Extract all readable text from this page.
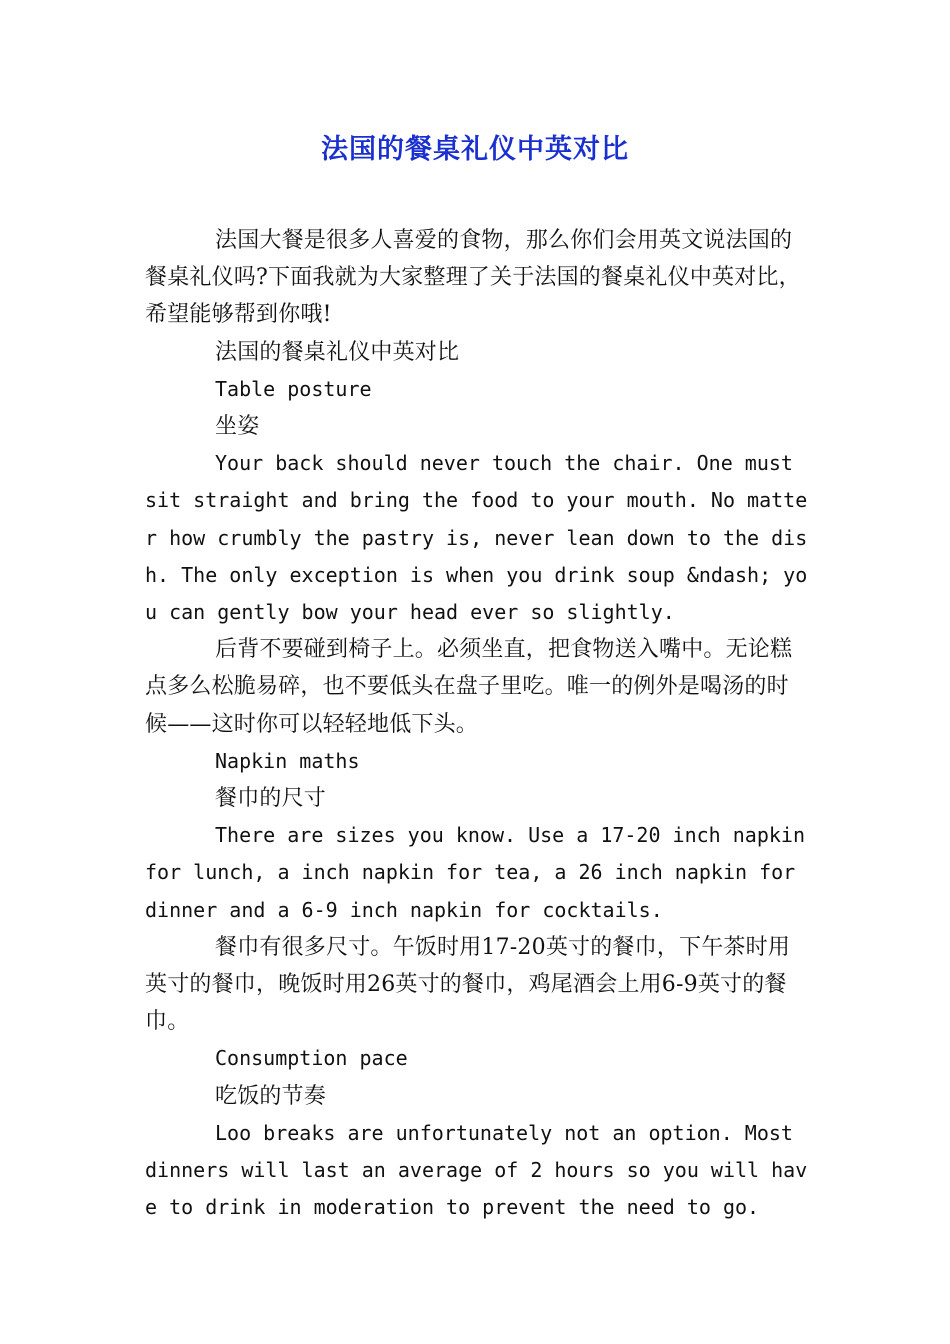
法国的餐桌礼仪中英对比

法国大餐是很多人喜爱的食物，那么你们会用英文说法国的餐桌礼仪吗?下面我就为大家整理了关于法国的餐桌礼仪中英对比，希望能够帮到你哦!

法国的餐桌礼仪中英对比

Table posture

坐姿

Your back should never touch the chair. One must sit straight and bring the food to your mouth. No matter how crumbly the pastry is, never lean down to the dish. The only exception is when you drink soup &ndash; you can gently bow your head ever so slightly.

后背不要碰到椅子上。必须坐直，把食物送入嘴中。无论糕点多么松脆易碎，也不要低头在盘子里吃。唯一的例外是喝汤的时候——这时你可以轻轻地低下头。

Napkin maths

餐巾的尺寸

There are sizes you know. Use a 17-20 inch napkin for lunch, a inch napkin for tea, a 26 inch napkin for dinner and a 6-9 inch napkin for cocktails.

餐巾有很多尺寸。午饭时用17-20英寸的餐巾，下午茶时用英寸的餐巾，晚饭时用26英寸的餐巾，鸡尾酒会上用6-9英寸的餐巾。

Consumption pace

吃饭的节奏

Loo breaks are unfortunately not an option. Most dinners will last an average of 2 hours so you will have to drink in moderation to prevent the need to go.
